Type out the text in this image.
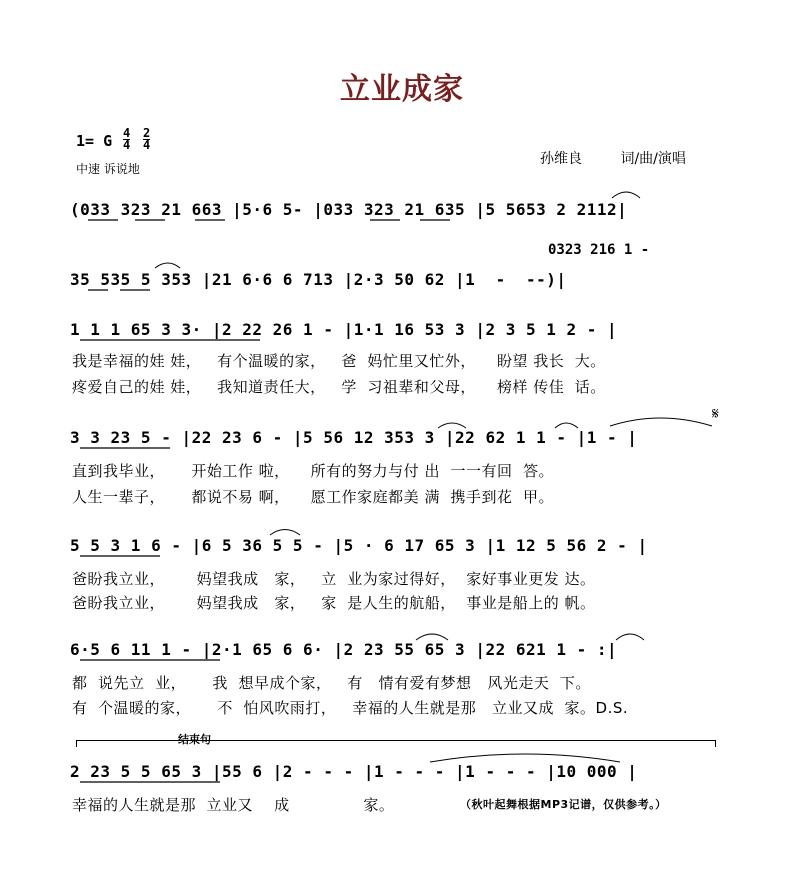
立业成家
1= G 4
4
2
4
中速 诉说地
孙维良	词/曲/演唱
(033 323 21 663 |5·6 5- |033 323 21 635 |5 5653 2 2112|
0323 216 1 -
35 535 5 353 |21 6·6 6 713 |2·3 50 62 |1  -  --)|
1 1 1 65 3 3· |2 22 26 1 - |1·1 16 53 3 |2 3 5 1 2 - |
我是幸福的娃 娃，   有个温暖的家，   爸  妈忙里又忙外，    盼望 我长  大。
疼爱自己的娃 娃，   我知道责任大，   学  习祖辈和父母，    榜样 传佳  话。
3 3 23 5 - |22 23 6 - |5 56 12 353 3 |22 62 1 1 - |1 - |
𝄋
直到我毕业，     开始工作 啦，    所有的努力与付 出  一一有回  答。
人生一辈子，     都说不易 啊，    愿工作家庭都美 满  携手到花  甲。
5 5 3 1 6 - |6 5 36 5 5 - |5 · 6 17 65 3 |1 12 5 56 2 - |
爸盼我立业，      妈望我成   家，   立  业为家过得好，  家好事业更发 达。
爸盼我立业，      妈望我成   家，   家  是人生的航船，  事业是船上的 帆。
6·5 6 11 1 - |2·1 65 6 6· |2 23 55 65 3 |22 621 1 - :|
都  说先立  业，     我  想早成个家，   有   情有爱有梦想   风光走天  下。
有  个温暖的家，     不  怕风吹雨打，   幸福的人生就是那   立业又成  家。D.S.
结束句
2 23 5 5 65 3 |55 6 |2 - - - |1 - - - |1 - - - |10 000 |
幸福的人生就是那  立业又    成              家。	（秋叶起舞根据MP3记谱，仅供参考。）
